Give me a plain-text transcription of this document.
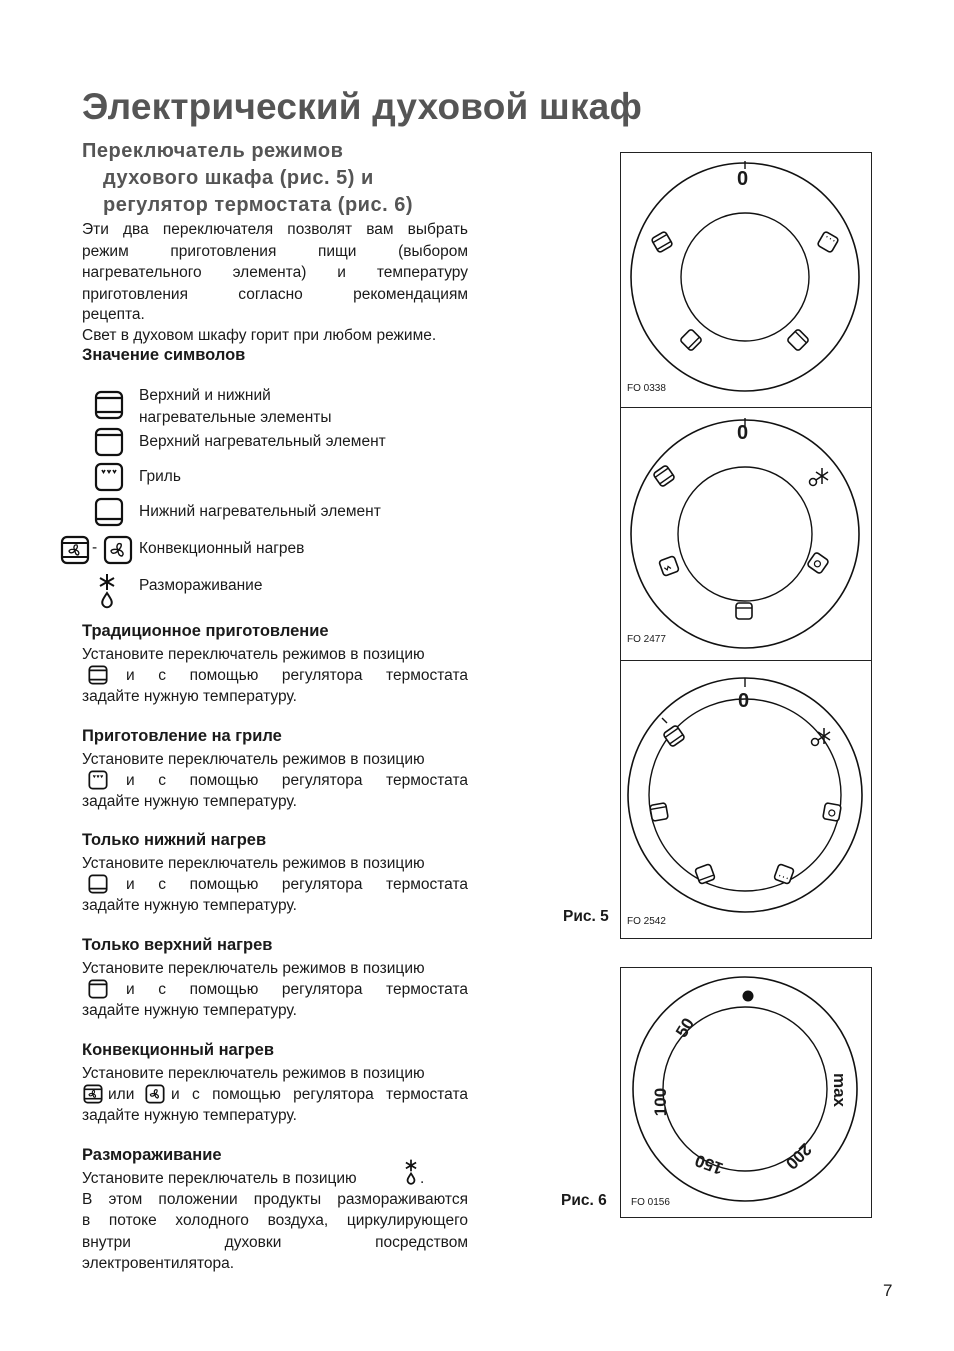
Электрический духовой шкаф
Переключатель режимов
духового шкафа (рис. 5) и
регулятор термостата (рис. 6)
Эти два переключателя позволят вам выбрать
режим приготовления пищи (выбором
нагревательного элемента) и температуру
приготовления согласно рекомендациям
рецепта.
Свет в духовом шкафу горит при любом режиме.
Значение символов
Верхний и нижний
нагревательные элементы
Верхний нагревательный элемент
Гриль
Нижний нагревательный элемент
-	Конвекционный нагрев
Размораживание
Традиционное приготовление
Установите переключатель режимов в позицию
и с помощью регулятора термостата
задайте нужную температуру.
Приготовление на гриле
Установите переключатель режимов в позицию
и с помощью регулятора термостата
задайте нужную температуру.
Только нижний нагрев
Установите переключатель режимов в позицию
и с помощью регулятора термостата
задайте нужную температуру.
Только верхний нагрев
Установите переключатель режимов в позицию
и с помощью регулятора термостата
задайте нужную температуру.
Конвекционный нагрев
Установите переключатель режимов в позицию
или и с помощью регулятора термостата
задайте нужную температуру.
Размораживание
Установите переключатель в позицию	.
В этом положении продукты размораживаются
в потоке холодного воздуха, циркулирующего
внутри духовки посредством
электровентилятора.
0
FO 0338
0
FO 2477
0
FO 2542
Рис. 5
50
100
150	200
max
FO 0156
Рис. 6
7
